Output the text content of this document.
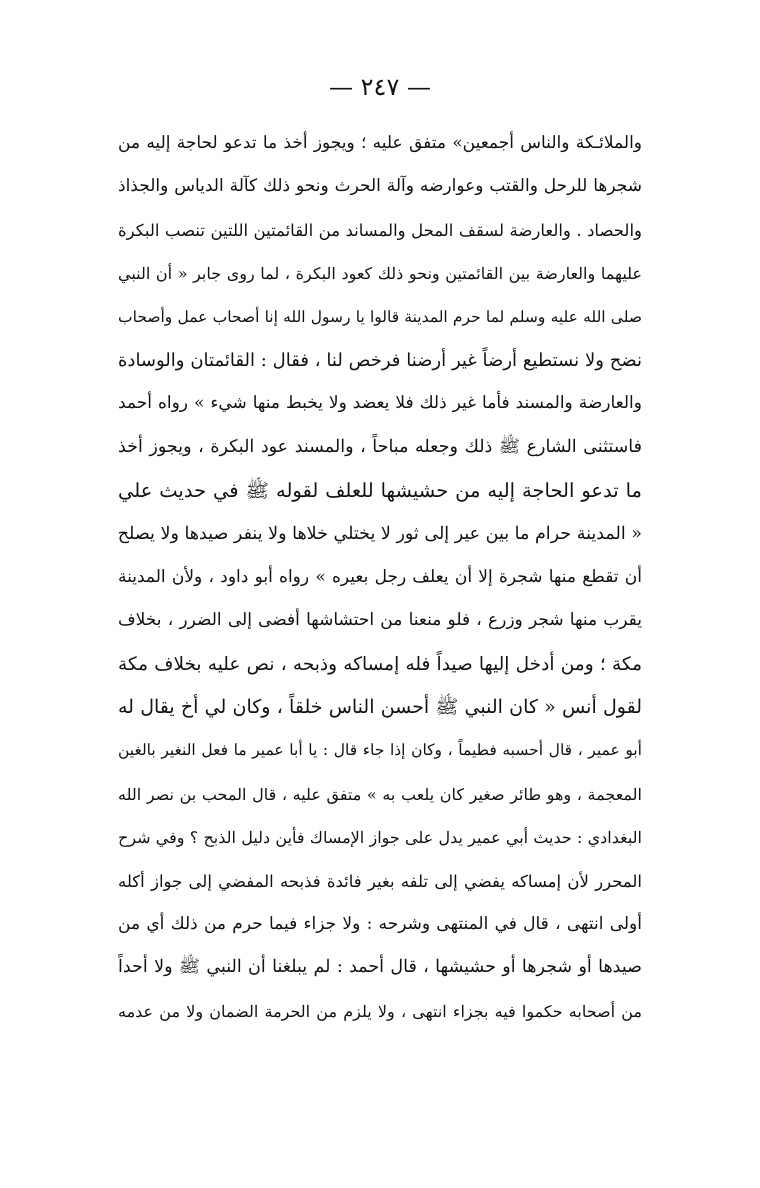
— ٢٤٧ —
والملائـكة والناس أجمعين» متفق عليه ؛ ويجوز أخذ ما تدعو لحاجة إليه من
شجرها للرحل والقتب وعوارضه وآلة الحرث ونحو ذلك كآلة الدياس والجذاذ
والحصاد . والعارضة لسقف المحل والمساند من القائمتين اللتين تنصب البكرة
عليهما والعارضة بين القائمتين ونحو ذلك كعود البكرة ، لما روى جابر « أن النبي
صلى الله عليه وسلم لما حرم المدينة قالوا يا رسول الله إنا أصحاب عمل وأصحاب
نضح ولا نستطيع أرضاً غير أرضنا فرخص لنا ، فقال : القائمتان والوسادة
والعارضة والمسند فأما غير ذلك فلا يعضد ولا يخبط منها شيء » رواه أحمد
فاستثنى الشارع ﷺ ذلك وجعله مباحاً ، والمسند عود البكرة ، ويجوز أخذ
ما تدعو الحاجة إليه من حشيشها للعلف لقوله ﷺ في حديث علي
« المدينة حرام ما بين عير إلى ثور لا يختلي خلاها ولا ينفر صيدها ولا يصلح
أن تقطع منها شجرة إلا أن يعلف رجل بعيره » رواه أبو داود ، ولأن المدينة
يقرب منها شجر وزرع ، فلو منعنا من احتشاشها أفضى إلى الضرر ، بخلاف
مكة ؛ ومن أدخل إليها صيداً فله إمساكه وذبحه ، نص عليه بخلاف مكة
لقول أنس « كان النبي ﷺ أحسن الناس خلقاً ، وكان لي أخ يقال له
أبو عمير ، قال أحسبه فطيماً ، وكان إذا جاء قال : يا أبا عمير ما فعل النغير بالغين
المعجمة ، وهو طائر صغير كان يلعب به » متفق عليه ، قال المحب بن نصر الله
البغدادي : حديث أبي عمير يدل على جواز الإمساك فأين دليل الذبح ؟ وفي شرح
المحرر لأن إمساكه يفضي إلى تلفه بغير فائدة فذبحه المفضي إلى جواز أكله
أولى انتهى ، قال في المنتهى وشرحه : ولا جزاء فيما حرم من ذلك أي من
صيدها أو شجرها أو حشيشها ، قال أحمد : لم يبلغنا أن النبي ﷺ ولا أحداً
من أصحابه حكموا فيه بجزاء انتهى ، ولا يلزم من الحرمة الضمان ولا من عدمه
